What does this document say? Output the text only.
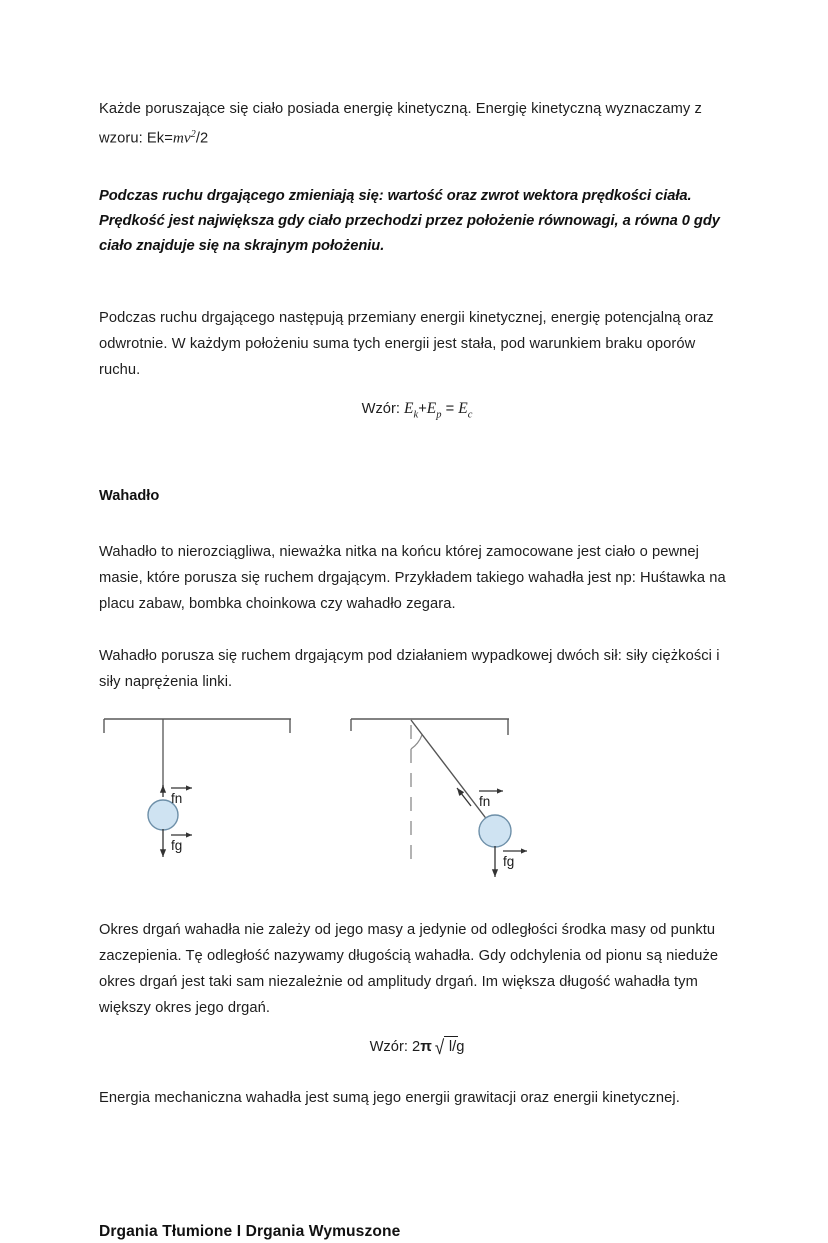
Każde poruszające się ciało posiada energię kinetyczną. Energię kinetyczną wyznaczamy z
wzoru: $Ek=mv^2/2$
Podczas ruchu drgającego zmieniają się: wartość oraz zwrot wektora prędkości ciała. Prędkość jest największa gdy ciało przechodzi przez położenie równowagi, a równa 0 gdy ciało znajduje się na skrajnym położeniu.
Podczas ruchu drgającego następują przemiany energii kinetycznej, energię potencjalną oraz odwrotnie. W każdym położeniu suma tych energii jest stała, pod warunkiem braku oporów ruchu.
Wzór: $E_k+E_p = E_c$
Wahadło
Wahadło to nierozciągliwa, nieważka nitka na końcu której zamocowane jest ciało o pewnej masie, które porusza się ruchem drgającym. Przykładem takiego wahadła jest np: Huśtawka na placu zabaw, bombka choinkowa czy wahadło zegara.
Wahadło porusza się ruchem drgającym pod działaniem wypadkowej dwóch sił: siły ciężkości i siły naprężenia linki.
fn
fg
fn
fg
Okres drgań wahadła nie zależy od jego masy a jedynie od odległości środka masy od punktu zaczepienia. Tę odległość nazywamy długością wahadła. Gdy odchylenia od pionu są nieduże okres drgań jest taki sam niezależnie od amplitudy drgań. Im większa długość wahadła tym większy okres jego drgań.
Wzór: 2π √ l/g
Energia mechaniczna wahadła jest sumą jego energii grawitacji oraz energii kinetycznej.
Drgania Tłumione I Drgania Wymuszone
